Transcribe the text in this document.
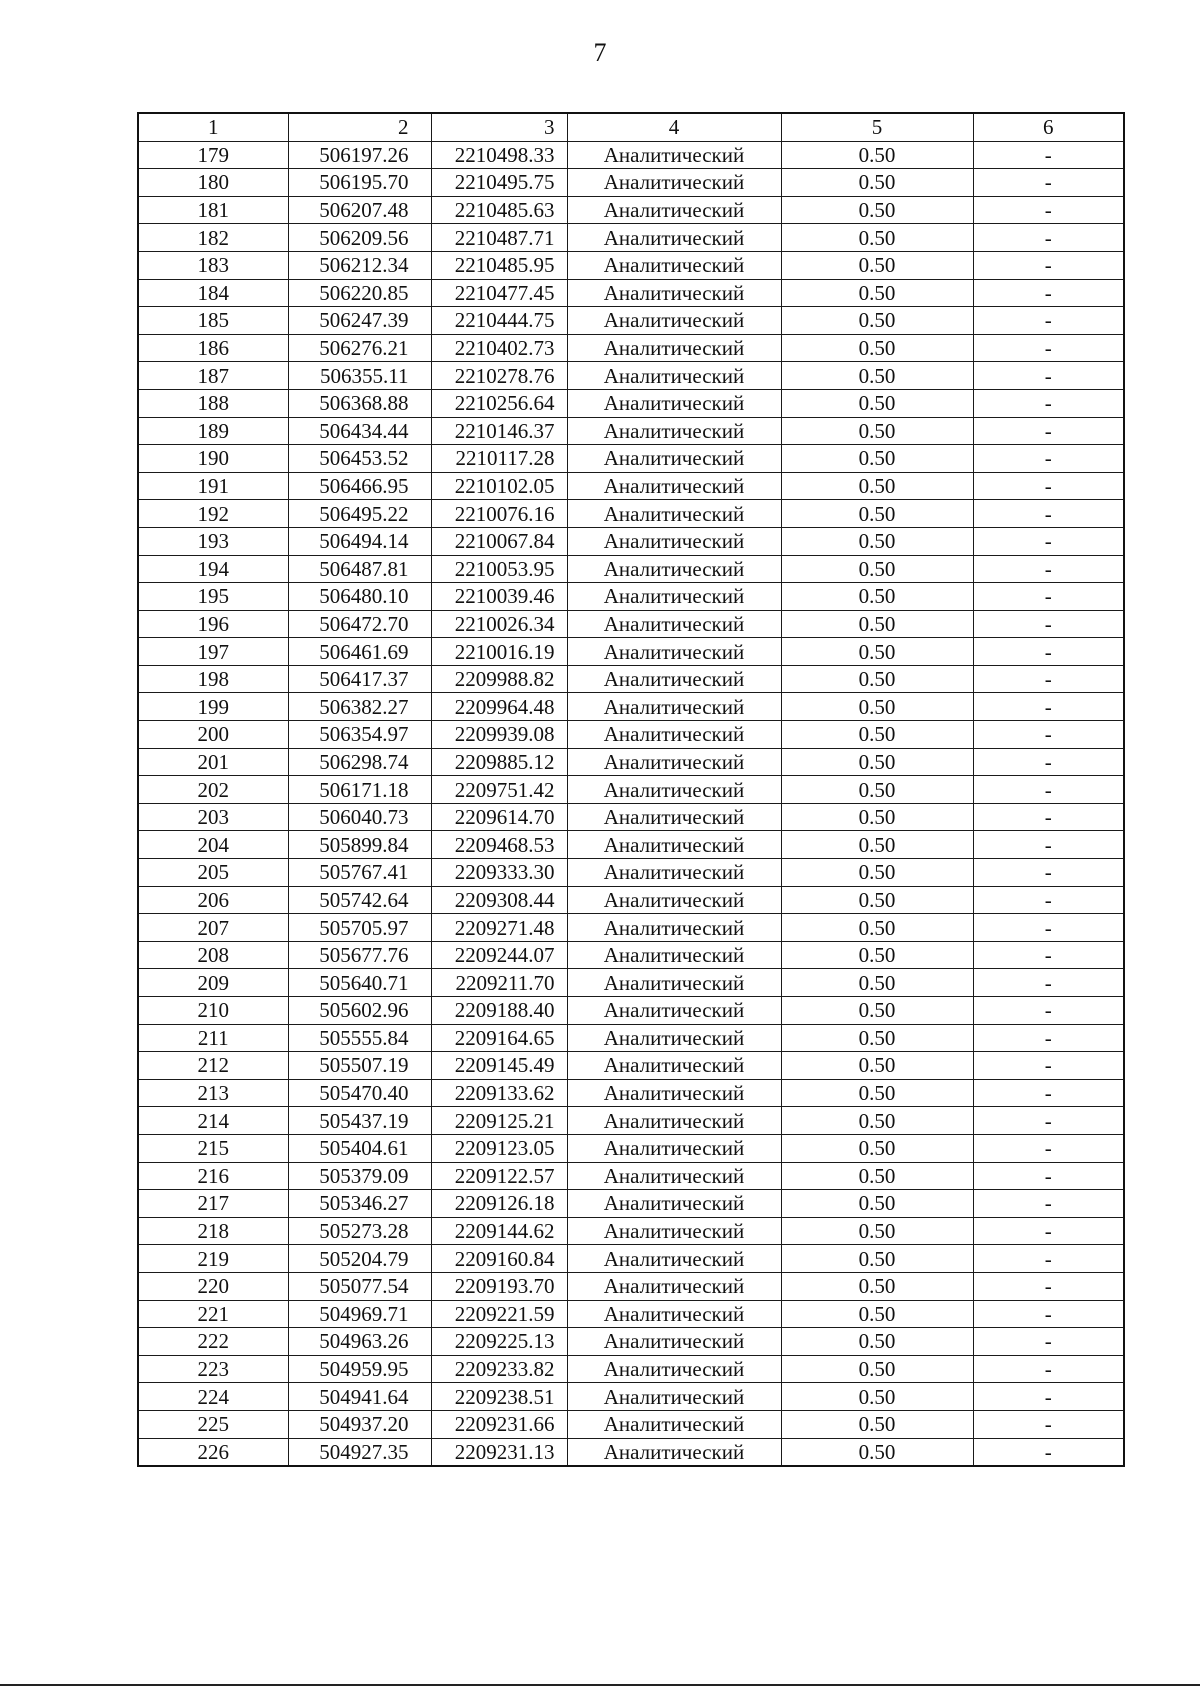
7
1	2	3	4	5	6
179	506197.26	2210498.33	Аналитический	0.50	-
180	506195.70	2210495.75	Аналитический	0.50	-
181	506207.48	2210485.63	Аналитический	0.50	-
182	506209.56	2210487.71	Аналитический	0.50	-
183	506212.34	2210485.95	Аналитический	0.50	-
184	506220.85	2210477.45	Аналитический	0.50	-
185	506247.39	2210444.75	Аналитический	0.50	-
186	506276.21	2210402.73	Аналитический	0.50	-
187	506355.11	2210278.76	Аналитический	0.50	-
188	506368.88	2210256.64	Аналитический	0.50	-
189	506434.44	2210146.37	Аналитический	0.50	-
190	506453.52	2210117.28	Аналитический	0.50	-
191	506466.95	2210102.05	Аналитический	0.50	-
192	506495.22	2210076.16	Аналитический	0.50	-
193	506494.14	2210067.84	Аналитический	0.50	-
194	506487.81	2210053.95	Аналитический	0.50	-
195	506480.10	2210039.46	Аналитический	0.50	-
196	506472.70	2210026.34	Аналитический	0.50	-
197	506461.69	2210016.19	Аналитический	0.50	-
198	506417.37	2209988.82	Аналитический	0.50	-
199	506382.27	2209964.48	Аналитический	0.50	-
200	506354.97	2209939.08	Аналитический	0.50	-
201	506298.74	2209885.12	Аналитический	0.50	-
202	506171.18	2209751.42	Аналитический	0.50	-
203	506040.73	2209614.70	Аналитический	0.50	-
204	505899.84	2209468.53	Аналитический	0.50	-
205	505767.41	2209333.30	Аналитический	0.50	-
206	505742.64	2209308.44	Аналитический	0.50	-
207	505705.97	2209271.48	Аналитический	0.50	-
208	505677.76	2209244.07	Аналитический	0.50	-
209	505640.71	2209211.70	Аналитический	0.50	-
210	505602.96	2209188.40	Аналитический	0.50	-
211	505555.84	2209164.65	Аналитический	0.50	-
212	505507.19	2209145.49	Аналитический	0.50	-
213	505470.40	2209133.62	Аналитический	0.50	-
214	505437.19	2209125.21	Аналитический	0.50	-
215	505404.61	2209123.05	Аналитический	0.50	-
216	505379.09	2209122.57	Аналитический	0.50	-
217	505346.27	2209126.18	Аналитический	0.50	-
218	505273.28	2209144.62	Аналитический	0.50	-
219	505204.79	2209160.84	Аналитический	0.50	-
220	505077.54	2209193.70	Аналитический	0.50	-
221	504969.71	2209221.59	Аналитический	0.50	-
222	504963.26	2209225.13	Аналитический	0.50	-
223	504959.95	2209233.82	Аналитический	0.50	-
224	504941.64	2209238.51	Аналитический	0.50	-
225	504937.20	2209231.66	Аналитический	0.50	-
226	504927.35	2209231.13	Аналитический	0.50	-
